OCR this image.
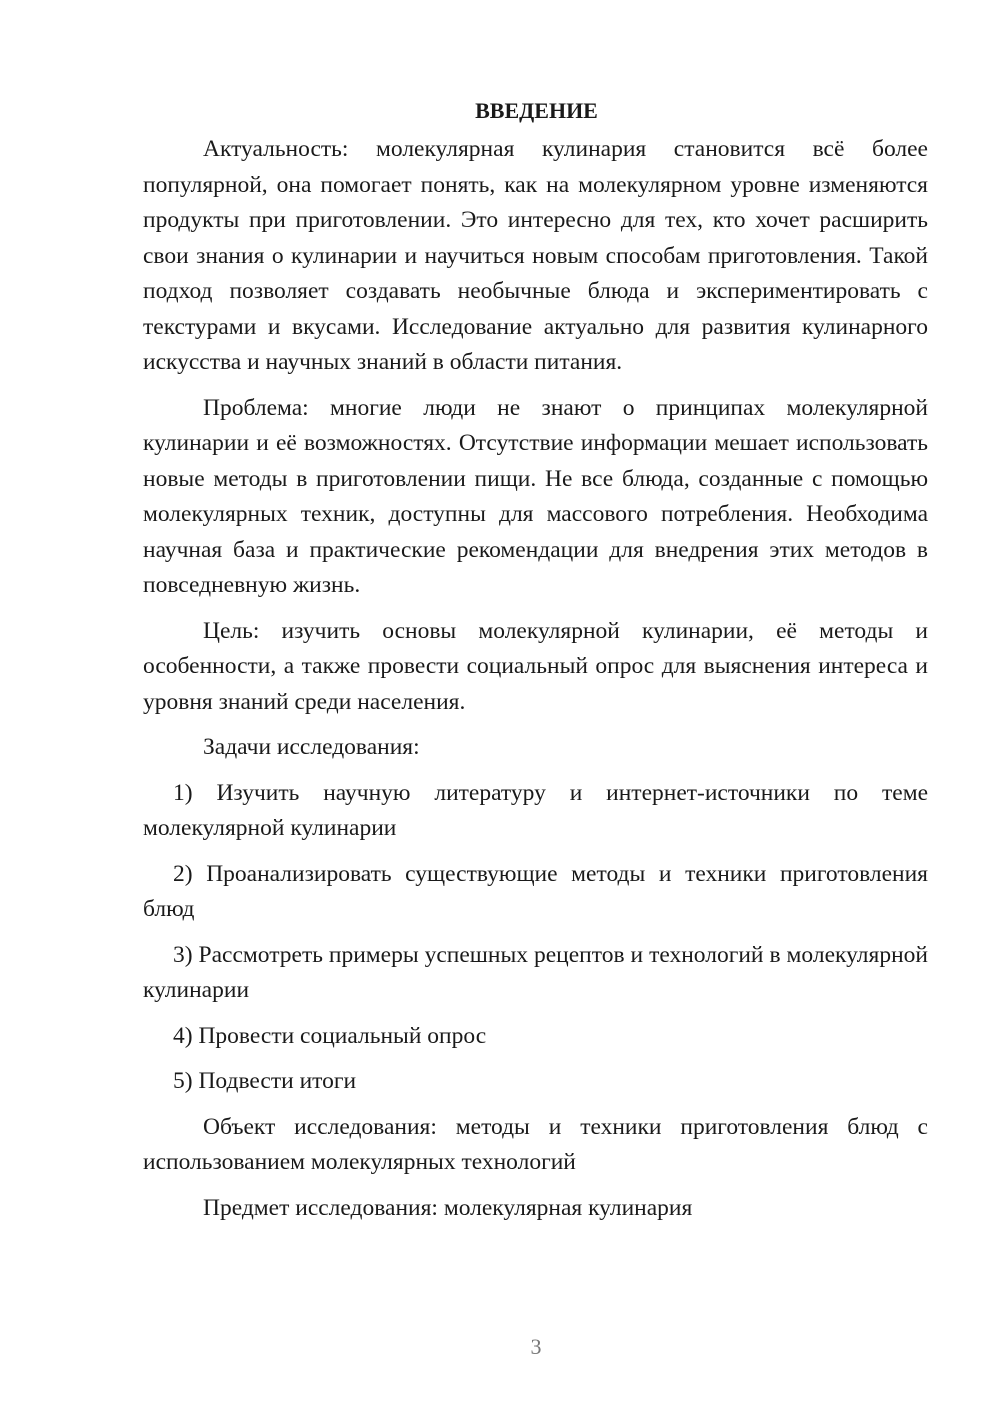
ВВЕДЕНИЕ

Актуальность: молекулярная кулинария становится всё более популярной, она помогает понять, как на молекулярном уровне изменяются продукты при приготовлении. Это интересно для тех, кто хочет расширить свои знания о кулинарии и научиться новым способам приготовления. Такой подход позволяет создавать необычные блюда и экспериментировать с текстурами и вкусами. Исследование актуально для развития кулинарного искусства и научных знаний в области питания.

Проблема: многие люди не знают о принципах молекулярной кулинарии и её возможностях. Отсутствие информации мешает использовать новые методы в приготовлении пищи. Не все блюда, созданные с помощью молекулярных техник, доступны для массового потребления. Необходима научная база и практические рекомендации для внедрения этих методов в повседневную жизнь.

Цель: изучить основы молекулярной кулинарии, её методы и особенности, а также провести социальный опрос для выяснения интереса и уровня знаний среди населения.

Задачи исследования:

1) Изучить научную литературу и интернет-источники по теме молекулярной кулинарии

2) Проанализировать существующие методы и техники приготовления блюд

3) Рассмотреть примеры успешных рецептов и технологий в молекулярной кулинарии

4) Провести социальный опрос

5) Подвести итоги

Объект исследования: методы и техники приготовления блюд с использованием молекулярных технологий

Предмет исследования: молекулярная кулинария

3
